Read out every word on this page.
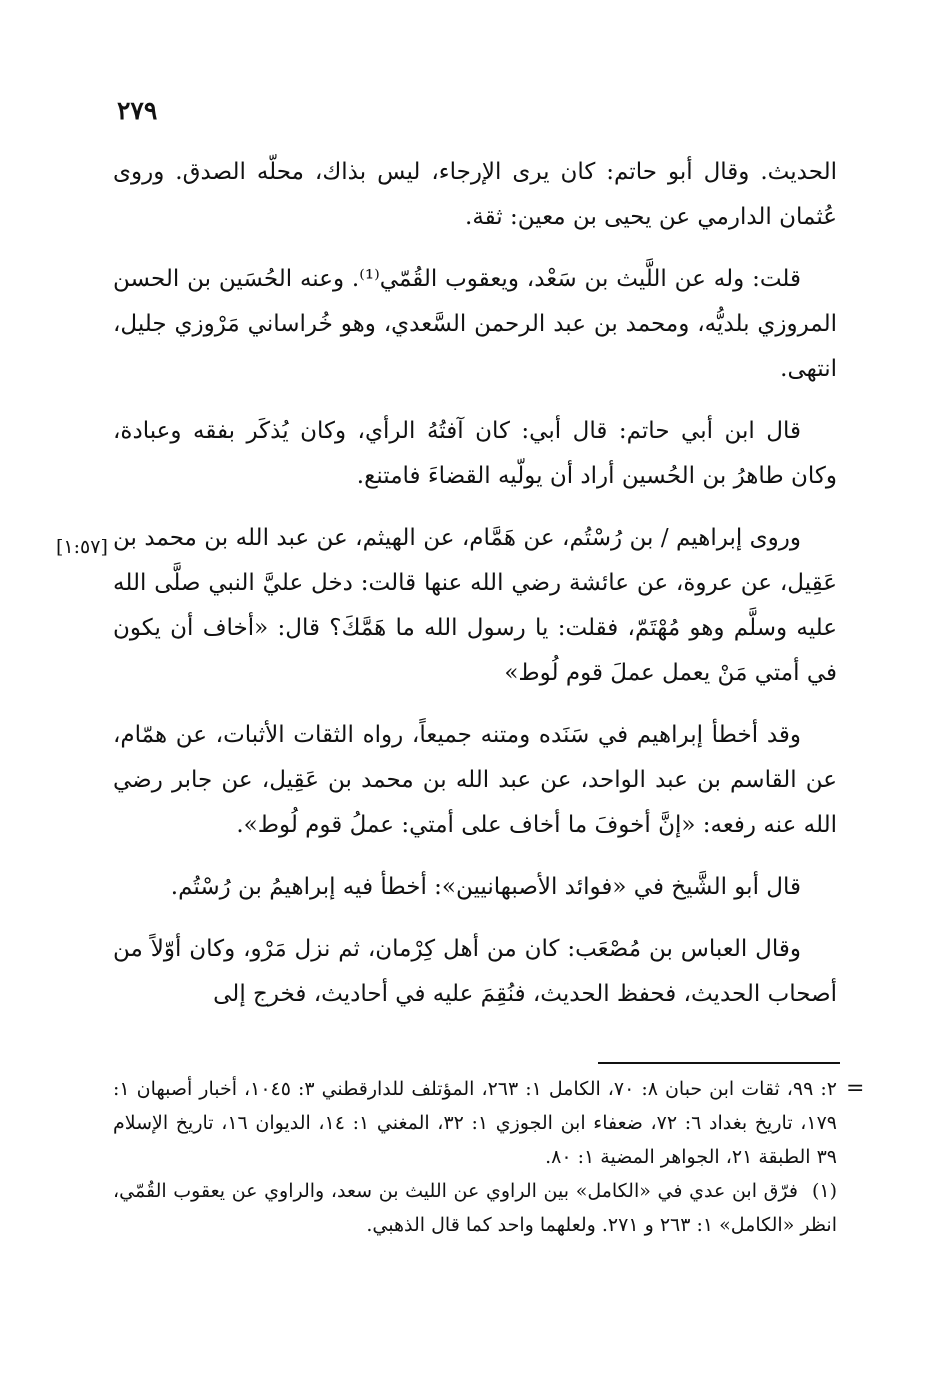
٢٧٩

الحديث. وقال أبو حاتم: كان يرى الإرجاء، ليس بذاك، محلّه الصدق. وروى عُثمان الدارمي عن يحيى بن معين: ثقة.

قلت: وله عن اللَّيث بن سَعْد، ويعقوب القُمّي⁽¹⁾. وعنه الحُسَين بن الحسن المروزي بلديُّه، ومحمد بن عبد الرحمن السَّعدي، وهو خُراساني مَرْوزي جليل، انتهى.

قال ابن أبي حاتم: قال أبي: كان آفتُهُ الرأي، وكان يُذكَر بفقه وعبادة، وكان طاهرُ بن الحُسين أراد أن يولّيه القضاءَ فامتنع.

وروى إبراهيم / بن رُسْتُم، عن هَمَّام، عن الهيثم، عن عبد الله بن محمد بن عَقِيل، عن عروة، عن عائشة رضي الله عنها قالت: دخل عليَّ النبي صلَّى الله عليه وسلَّم وهو مُهْتَمّ، فقلت: يا رسول الله ما هَمَّكَ؟ قال: «أخاف أن يكون في أمتي مَنْ يعمل عملَ قوم لُوط»

وقد أخطأ إبراهيم في سَنَده ومتنه جميعاً، رواه الثقات الأثبات، عن همّام، عن القاسم بن عبد الواحد، عن عبد الله بن محمد بن عَقِيل، عن جابر رضي الله عنه رفعه: «إنَّ أخوفَ ما أخاف على أمتي: عملُ قوم لُوط».

قال أبو الشَّيخ في «فوائد الأصبهانيين»: أخطأ فيه إبراهيمُ بن رُسْتُم.

وقال العباس بن مُصْعَب: كان من أهل كِرْمان، ثم نزل مَرْو، وكان أوّلاً من أصحاب الحديث، فحفظ الحديث، فنُقِمَ عليه في أحاديث، فخرج إلى

[١:٥٧]
=

٢: ٩٩، ثقات ابن حبان ٨: ٧٠، الكامل ١: ٢٦٣، المؤتلف للدارقطني ٣: ١٠٤٥، أخبار أصبهان ١: ١٧٩، تاريخ بغداد ٦: ٧٢، ضعفاء ابن الجوزي ١: ٣٢، المغني ١: ١٤، الديوان ١٦، تاريخ الإسلام ٣٩ الطبقة ٢١، الجواهر المضية ١: ٨٠.

(١)فرّق ابن عدي في «الكامل» بين الراوي عن الليث بن سعد، والراوي عن يعقوب القُمّي، انظر «الكامل» ١: ٢٦٣ و ٢٧١. ولعلهما واحد كما قال الذهبي.
